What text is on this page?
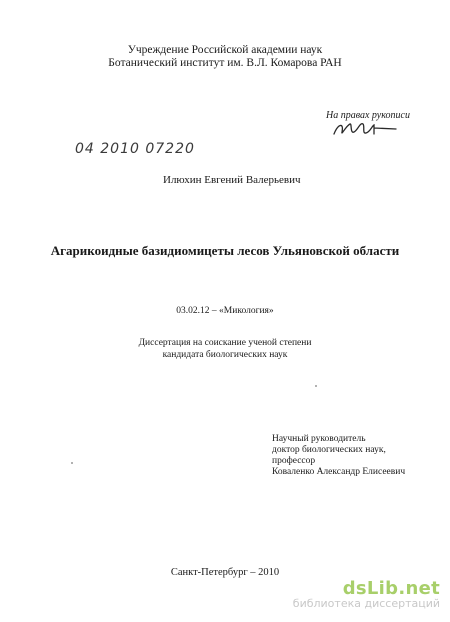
Учреждение Российской академии наук
Ботанический институт им. В.Л. Комарова РАН
На правах рукописи
04 2010 07220
Илюхин Евгений Валерьевич
Агарикоидные базидиомицеты лесов Ульяновской области
03.02.12 – «Микология»
Диссертация на соискание ученой степени
кандидата биологических наук
Научный руководитель
доктор биологических наук,
профессор
Коваленко Александр Елисеевич
Санкт-Петербург – 2010
dsLib.net
библиотека диссертаций
